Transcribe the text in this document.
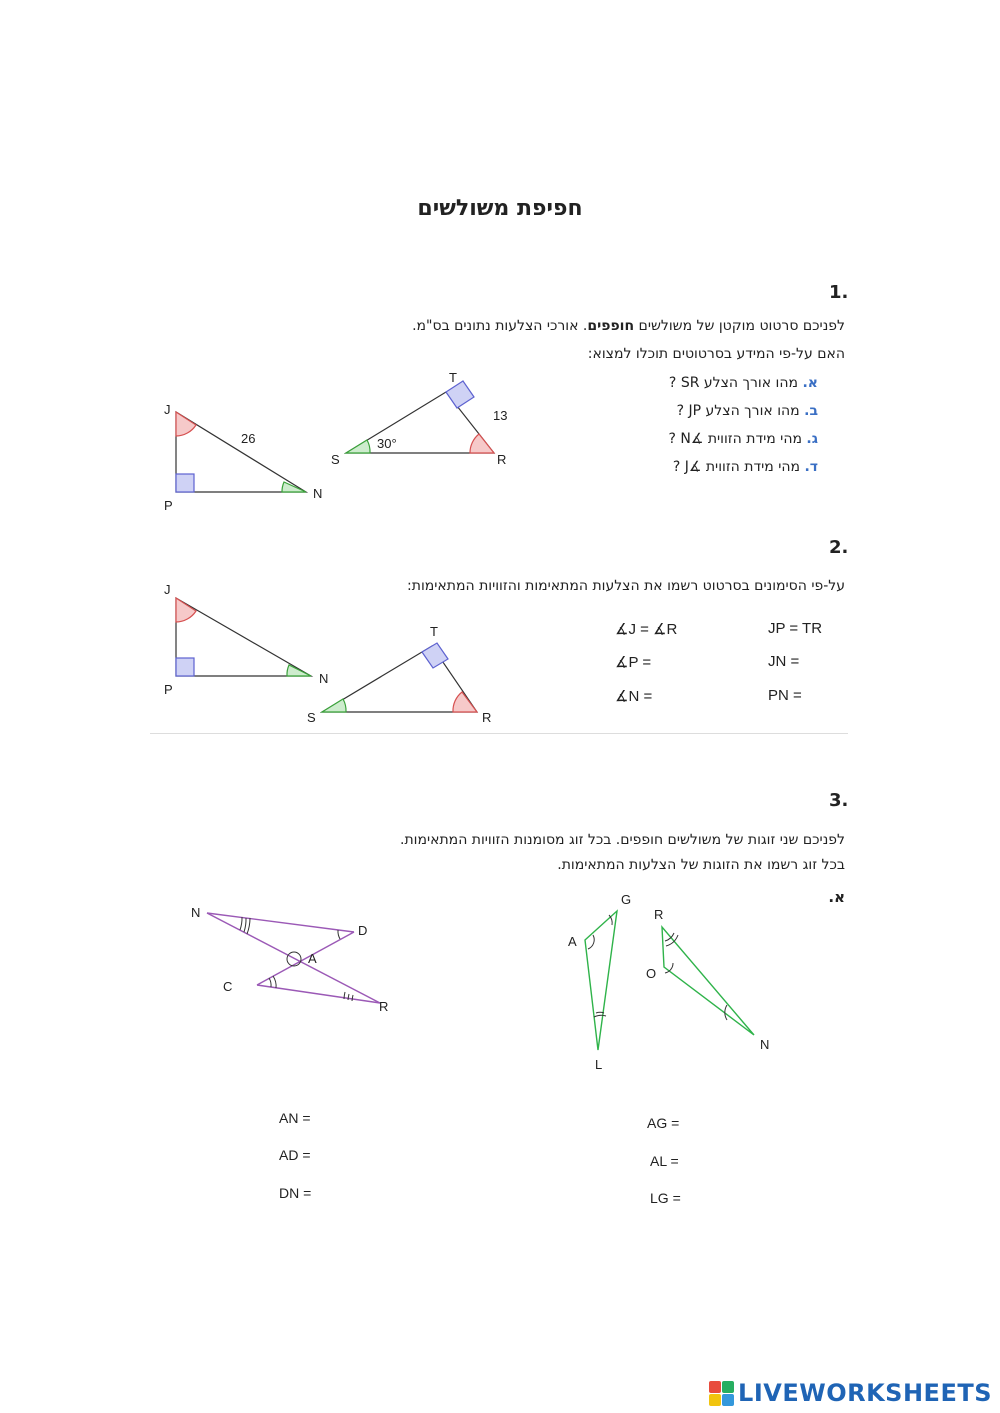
חפיפת משולשים
1.
לפניכם סרטוט מוקטן של משולשים חופפים. אורכי הצלעות נתונים בס"מ.
האם על-פי המידע בסרטוטים תוכלו למצוא:
א. מהו אורך הצלע SR ?
ב. מהו אורך הצלע JP ?
ג. מהי מידת הזווית ∡N ?
ד. מהי מידת הזווית ∡J ?
J
P
N
26
T
S	R
13
30°
2.
על-פי הסימונים בסרטוט רשמו את הצלעות המתאימות והזוויות המתאימות:
J
P
N
T
S	R
JP = TR
JN =
PN =
∡J = ∡R
∡P =
∡N =
3.
לפניכם שני זוגות של משולשים חופפים. בכל זוג מסומנות הזוויות המתאימות.
בכל זוג רשמו את הזוגות של הצלעות המתאימות.
א.
N
D
A
C
R
G
A
L
R
O
N
AN =
AD =
DN =
AG =
AL =
LG =
LIVEWORKSHEETS
